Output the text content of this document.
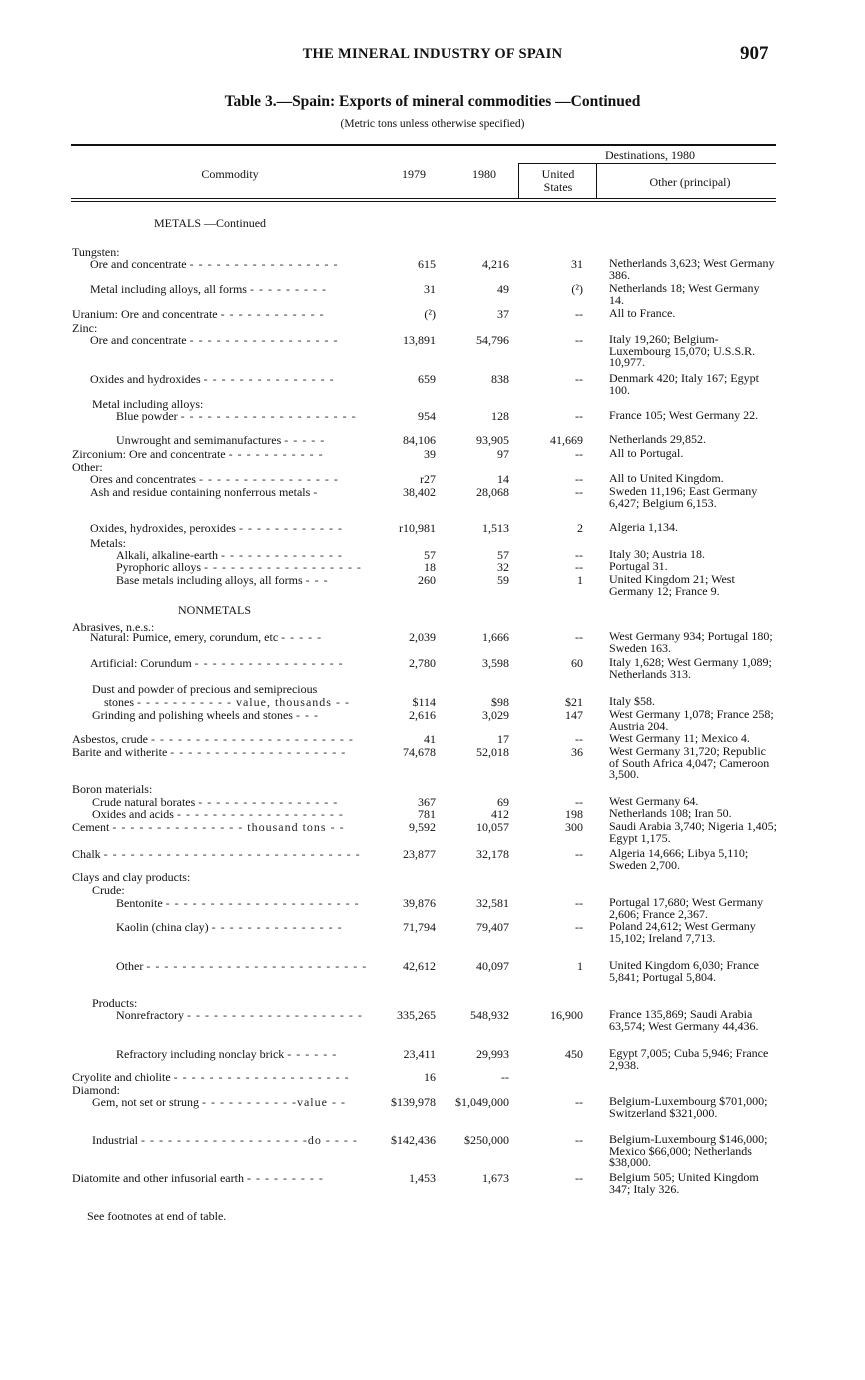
THE MINERAL INDUSTRY OF SPAIN	907
Table 3.—Spain: Exports of mineral commodities —Continued
(Metric tons unless otherwise specified)
Commodity	1979	1980
Destinations, 1980
United States	Other (principal)
METALS —Continued
NONMETALS
Tungsten:
Ore and concentrate - - - - - - - - - - - - - - - - -	615	4,216	31 Netherlands 3,623; West Germany 386.
Metal including alloys, all forms - - - - - - - - -	31	49	(²) Netherlands 18; West Germany 14.
Uranium: Ore and concentrate - - - - - - - - - - - -	(²)	37	-- All to France.
Zinc:
Ore and concentrate - - - - - - - - - - - - - - - - -	13,891	54,796	-- Italy 19,260; Belgium-Luxembourg 15,070; U.S.S.R. 10,977.
Oxides and hydroxides - - - - - - - - - - - - - - -	659	838	-- Denmark 420; Italy 167; Egypt 100.
Metal including alloys:
Blue powder - - - - - - - - - - - - - - - - - - - -	954	128	-- France 105; West Germany 22.
Unwrought and semimanufactures - - - - -	84,106	93,905	41,669 Netherlands 29,852.
Zirconium: Ore and concentrate - - - - - - - - - - -	39	97	-- All to Portugal.
Other:
Ores and concentrates - - - - - - - - - - - - - - - -	r27	14	-- All to United Kingdom.
Ash and residue containing nonferrous metals -	38,402	28,068	-- Sweden 11,196; East Germany 6,427; Belgium 6,153.
Oxides, hydroxides, peroxides - - - - - - - - - - - -	r10,981	1,513	2 Algeria 1,134.
Metals:
Alkali, alkaline-earth - - - - - - - - - - - - - -	57	57	-- Italy 30; Austria 18.
Pyrophoric alloys - - - - - - - - - - - - - - - - - -	18	32	-- Portugal 31.
Base metals including alloys, all forms - - -	260	59	1 United Kingdom 21; West Germany 12; France 9.
Abrasives, n.e.s.:
Natural: Pumice, emery, corundum, etc - - - - -	2,039	1,666	-- West Germany 934; Portugal 180; Sweden 163.
Artificial: Corundum - - - - - - - - - - - - - - - - -	2,780	3,598	60 Italy 1,628; West Germany 1,089; Netherlands 313.
Dust and powder of precious and semiprecious
stones - - - - - - - - - - - value, thousands - -	$114	$98	$21 Italy $58.
Grinding and polishing wheels and stones - - -	2,616	3,029	147 West Germany 1,078; France 258; Austria 204.
Asbestos, crude - - - - - - - - - - - - - - - - - - - - - - -	41	17	-- West Germany 11; Mexico 4.
Barite and witherite - - - - - - - - - - - - - - - - - - - -	74,678	52,018	36 West Germany 31,720; Republic of South Africa 4,047; Cameroon 3,500.
Boron materials:
Crude natural borates - - - - - - - - - - - - - - - -	367	69	-- West Germany 64.
Oxides and acids - - - - - - - - - - - - - - - - - - -	781	412	198 Netherlands 108; Iran 50.
Cement - - - - - - - - - - - - - - - thousand tons - -	9,592	10,057	300 Saudi Arabia 3,740; Nigeria 1,405; Egypt 1,175.
Chalk - - - - - - - - - - - - - - - - - - - - - - - - - - - - -	23,877	32,178	-- Algeria 14,666; Libya 5,110; Sweden 2,700.
Clays and clay products:
Crude:
Bentonite - - - - - - - - - - - - - - - - - - - - - -	39,876	32,581	-- Portugal 17,680; West Germany 2,606; France 2,367.
Kaolin (china clay) - - - - - - - - - - - - - - -	71,794	79,407	-- Poland 24,612; West Germany 15,102; Ireland 7,713.
Other - - - - - - - - - - - - - - - - - - - - - - - - -	42,612	40,097	1 United Kingdom 6,030; France 5,841; Portugal 5,804.
Products:
Nonrefractory - - - - - - - - - - - - - - - - - - - -	335,265	548,932	16,900 France 135,869; Saudi Arabia 63,574; West Germany 44,436.
Refractory including nonclay brick - - - - - -	23,411	29,993	450 Egypt 7,005; Cuba 5,946; France 2,938.
Cryolite and chiolite - - - - - - - - - - - - - - - - - - - -	16	--
Diamond:
Gem, not set or strung - - - - - - - - - - -value - -	$139,978	$1,049,000	-- Belgium-Luxembourg $701,000; Switzerland $321,000.
Industrial - - - - - - - - - - - - - - - - - - -do - - - -	$142,436	$250,000	-- Belgium-Luxembourg $146,000; Mexico $66,000; Netherlands $38,000.
Diatomite and other infusorial earth - - - - - - - - -	1,453	1,673	-- Belgium 505; United Kingdom 347; Italy 326.
See footnotes at end of table.
